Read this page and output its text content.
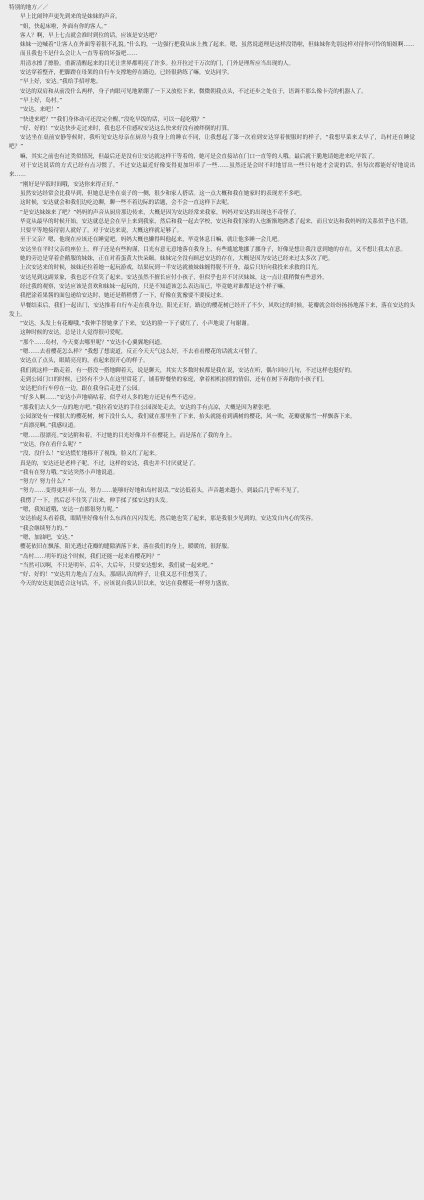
特别的地方／／

早上比闹钟声更先到来的是妹妹的声音。

“姐，快起床啦，外面有你的客人。”

客人？啊，早上七点就会准时到位的话，应该是安达吧？

妹妹一边喊着“让客人在外面等着很不礼貌。”什么的，一边强行把我从床上拽了起来。嗯，虽然说道理是这样没错啦，但妹妹你先别这样对待你可怜的姐姐啊……

而且我也不是什么会让人一直等着的坏蛋吧……

用清水擦了擦脸，重新清醒起来的目光让世界都明亮了许多。拉开拉过干万次的门，门外是理所应当出现的人。

安达穿着整齐，把脚蹬在母架的自行车支撑地停在路边，已经很熟练了嘛，安达同学。

“早上好，安达。”我给手招呼地。

安达的双肩和从前没什么两样，身子肉眼可见地紧绷了一下又放松下来，微微朝我点头，不过还步之处在于，语调不那么像卡壳的机器人了。

“早上好，岛村。”

“安达，来吧！”

“快进来吧？”“我们身体动可还没完全醒，”没吃早饭的话，可以一起吃哦？”

“好、好的！”安达快步走过来时，我也忍不住感叹安达这么快来好没有被绊倒的打算。

安达坐在桌前安静等候时，我听见安达母亲在厨房与我身上的睡衣不同，让我想起了第一次看到安达穿着便服时的样子，“我想早菜来太早了，岛村还在睡觉吧？”

嘛，其实之前也有过类似情况，但最后还是没有让安达就这样干等着的，她可是会直接站在门口一直等的人哦。最后就干脆地请她进来吃早饭了。

对于安达说话的方式已经有点习惯了，不过安达最近好像变得更加坦率了一些……虽然还是会时不时地冒出一些只有她才会说的话，但每次都能好好地说出来……

“刚好是早饭时间哦，安达你来得正好。”

虽然安达经常会比我早到，但她总是坐在桌子的一侧，很少和家人搭话。这一点大概和我在她家时的表现差不多吧。

这时候，安达就会和我们边吃边聊，聊一些不着边际的话题，会不会一直这样下去呢。

“是安达妹妹来了吧？”妈妈的声音从厨房那边传来，大概是因为安达经常来我家，妈妈对安达的出现也不奇怪了。

毕竟从最早的时候开始，安达就总是会在早上来到我家，然后和我一起去学校，安达和我们家的人也渐渐地熟悉了起来，而且安达和我妈妈的关系似乎也不错。

只要平等地接待别人就好了，对于安达来说，大概这样就足够了。

至于父亲？嗯，他现在应该还在睡觉吧。妈妈大概也懒得叫他起来，毕竟休息日嘛，就让他多睡一会儿吧。

安达坐在平时父亲的座位上，样子还是有些拘谨，目光有意无意地落在我身上，有些尴尬地挪了挪身子，好像是想让我注意到她的存在，又不想让我太在意。

她的旁边是穿着企鹅服的妹妹，正在对着蛋黄大快朵颐。妹妹完全没有顾忌安达的存在，大概是因为安达已经来过太多次了吧。

上次安达来的时候，妹妹还拉着她一起玩游戏，结果玩到一半安达就被妹妹缠得脱不开身，最后只好向我投来求救的目光。

安达见到这副景象，我也忍不住笑了起来。安达虽然不擅长应付小孩子，但似乎也并不讨厌妹妹，这一点让我稍微有些意外。

经过我的观察，安达应该是喜欢和妹妹一起玩的，只是不知道该怎么表达而已，毕竟她对谁都是这个样子嘛。

我把涂着果酱的面包递给安达时，她还是稍稍愣了一下，好像在犹豫要不要接过来。

早餐结束后，我们一起出门，安达推着自行车走在我身边，阳光正好，路边的樱花树已经开了不少，风吹过的时候，花瓣就会纷纷扬扬地落下来，落在安达的头发上。

“安达，头发上有花瓣哦。”我伸手替她拿了下来，安达的脸一下子就红了，小声地说了句谢谢。

这种时候的安达，总是让人觉得很可爱呢。

“那个……岛村，今天要去哪里呢？”安达小心翼翼地问道。

“嗯……去看樱花怎么样？”我想了想说道，反正今天天气这么好，不去看看樱花的话就太可惜了。

安达点了点头，眼睛亮亮的，看起来很开心的样子。

我们就这样一路走着，有一搭没一搭地聊着天，说是聊天，其实大多数时候都是我在说，安达在听，偶尔回应几句，不过这样也挺好的。

走到公园门口的时候，已经有不少人在这里赏花了，铺着野餐垫的家庭，拿着相机拍照的情侣，还有在树下奔跑的小孩子们。

安达把自行车停在一边，跟在我身后走进了公园。

“好多人啊……”安达小声地嘀咕着，似乎对人多的地方还是有些不适应。

“那我们去人少一点的地方吧。”我拉着安达的手往公园深处走去，安达的手有点凉，大概是因为紧张吧。

公园深处有一棵很大的樱花树，树下没什么人，我们就在那里坐了下来，抬头就能看到满树的樱花，风一吹，花瓣就像雪一样飘落下来。

“真漂亮啊。”我感叹道。

“嗯……很漂亮。”安达附和着，不过她的目光好像并不在樱花上，而是落在了我的身上。

“安达，你在看什么呢？”

“没、没什么！”安达慌忙地移开了视线，脸又红了起来。

真是的，安达还是老样子呢，不过，这样的安达，我也并不讨厌就是了。

“我有在努力哦。”安达突然小声地说道。

“努力？努力什么？”

“努力……变得更坦率一点，努力……能够好好地和岛村说话。”安达低着头，声音越来越小，到最后几乎听不见了。

我愣了一下，然后忍不住笑了出来，伸手揉了揉安达的头发。

“嗯，我知道哦，安达一直都很努力呢。”

安达抬起头看着我，眼睛里好像有什么东西在闪闪发光，然后她也笑了起来，那是我很少见到的，安达发自内心的笑容。

“我会继续努力的。”

“嗯，加油吧，安达。”

樱花依旧在飘落，阳光透过花瓣的缝隙洒落下来，落在我们的身上，暖暖的，很舒服。

“岛村……明年的这个时候，我们还能一起来看樱花吗？”

“当然可以啊，不只是明年，后年，大后年，只要安达想来，我们就一起来吧。”

“好、好的！”安达用力地点了点头，那副认真的样子，让我又忍不住想笑了。

今天的安达更加适合这句话，不，应该说自我认识以来，安达在我樱花一样努力盛放。
